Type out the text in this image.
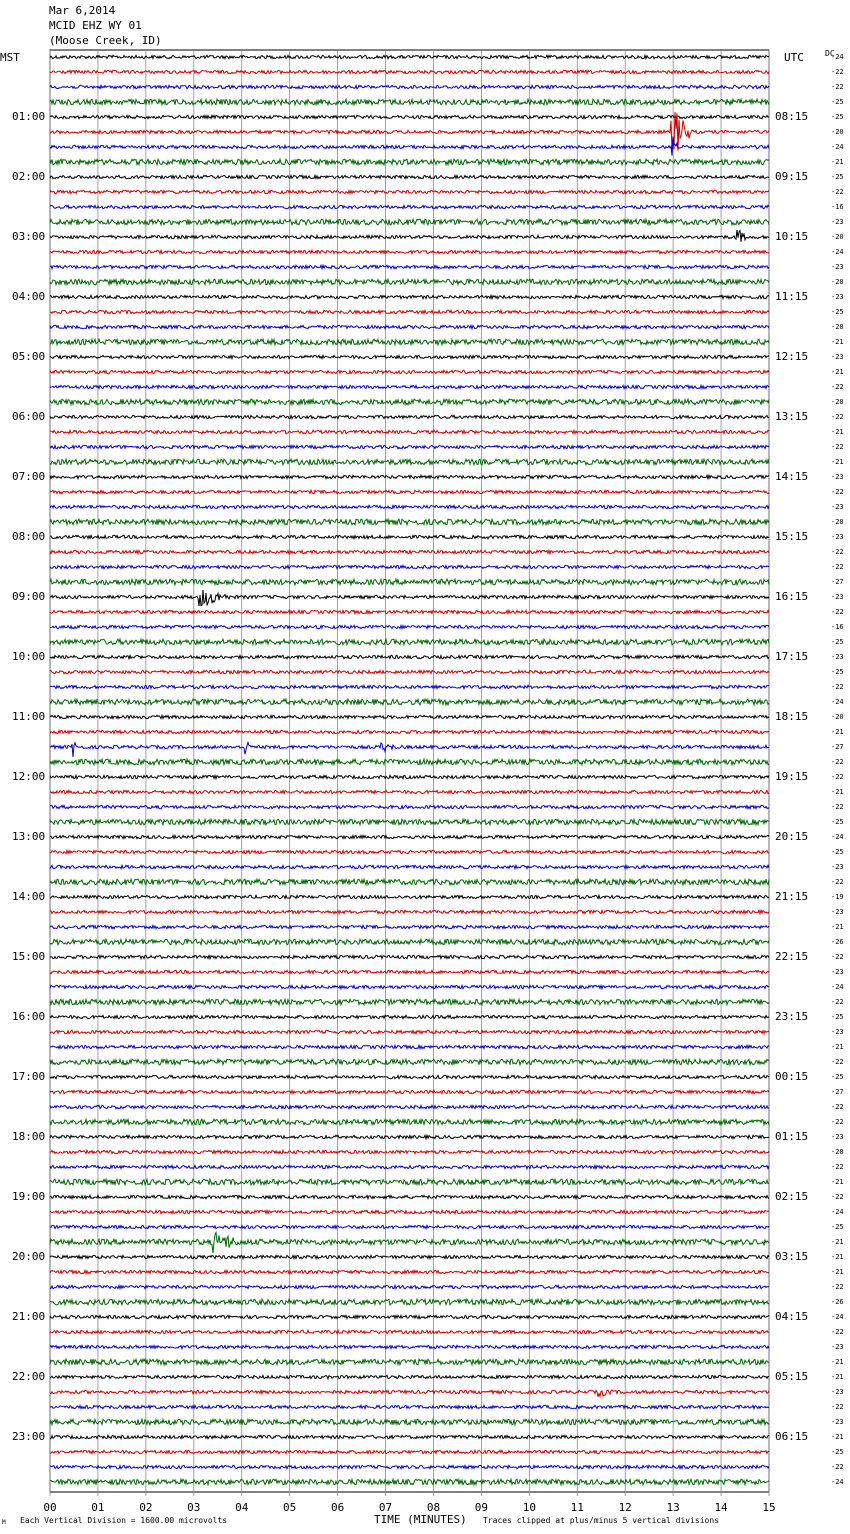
Mar 6,2014
MCID EHZ WY 01
(Moose Creek, ID)
MST	UTC	DC
-24
-22
-22
-25
-25
-20
-24
-21
-25
-22
-16
-23
-20
-24
-23
-20
-23
-25
-20
-21
-23
-21
-22
-20
-22
-21
-22
-21
-23
-22
-23
-20
-23
-22
-22
-27
-23
-22
-16
-25
-23
-25
-22
-24
-20
-21
-27
-22
-22
-21
-22
-25
-24
-25
-23
-22
-19
-23
-21
-26
-22
-23
-24
-22
-25
-23
-21
-22
-25
-27
-22
-22
-23
-20
-22
-21
-22
-24
-25
-21
-21
-21
-22
-26
-24
-22
-23
-21
-21
-23
-22
-23
-21
-25
-22
-24
01:00	08:15
02:00	09:15
03:00	10:15
04:00	11:15
05:00	12:15
06:00	13:15
07:00	14:15
08:00	15:15
09:00	16:15
10:00	17:15
11:00	18:15
12:00	19:15
13:00	20:15
14:00	21:15
15:00	22:15
16:00	23:15
17:00	00:15
18:00	01:15
19:00	02:15
20:00	03:15
21:00	04:15
22:00	05:15
23:00	06:15
00	01	02	03	04	05	06	07	08	09	10	11	12	13	14	15
M Each Vertical Division = 1600.00 microvolts	TIME (MINUTES) Traces clipped at plus/minus 5 vertical divisions
